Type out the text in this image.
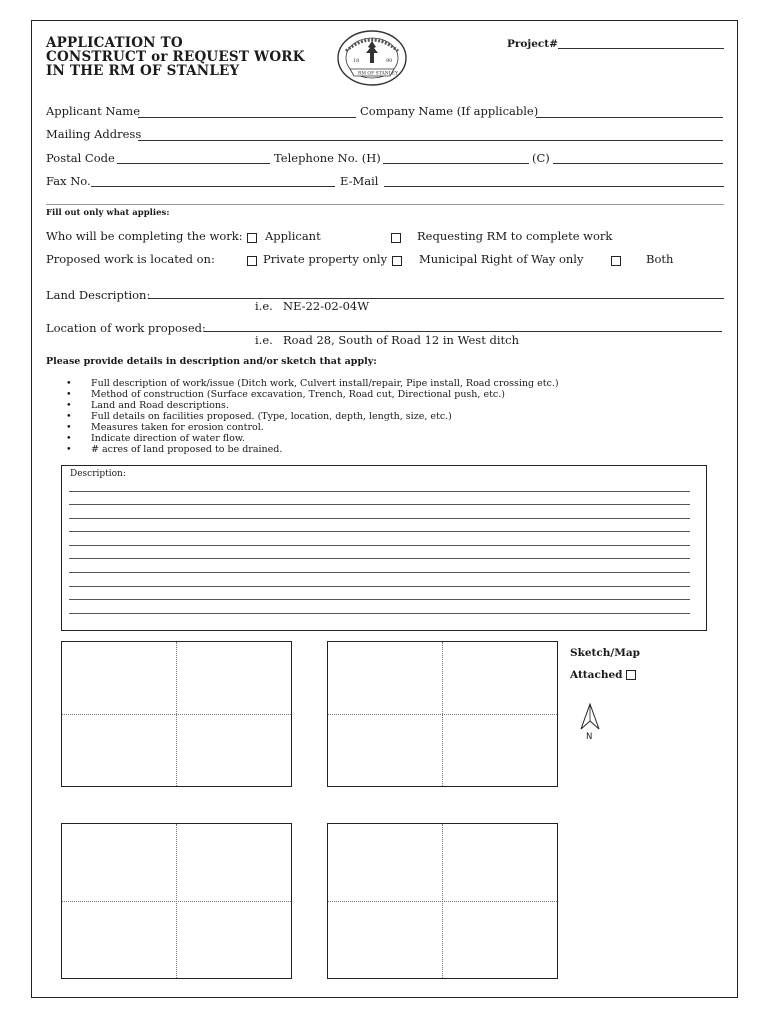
APPLICATION TO
CONSTRUCT or REQUEST WORK
IN THE RM OF STANLEY
18	90
RM OF STANLEY
Project#
Applicant Name	Company Name (If applicable)
Mailing Address
Postal Code	Telephone No. (H)	(C)
Fax No.	E-Mail
Fill out only what applies:
Who will be completing the work: Applicant	Requesting RM to complete work
Proposed work is located on:	Private property only	Municipal Right of Way only	Both
Land Description:
i.e. NE-22-02-04W
Location of work proposed:
i.e. Road 28, South of Road 12 in West ditch
Please provide details in description and/or sketch that apply:
• Full description of work/issue (Ditch work, Culvert install/repair, Pipe install, Road crossing etc.)
• Method of construction (Surface excavation, Trench, Road cut, Directional push, etc.)
• Land and Road descriptions.
• Full details on facilities proposed. (Type, location, depth, length, size, etc.)
• Measures taken for erosion control.
• Indicate direction of water flow.
• # acres of land proposed to be drained.
Description:
Sketch/Map
Attached
N
